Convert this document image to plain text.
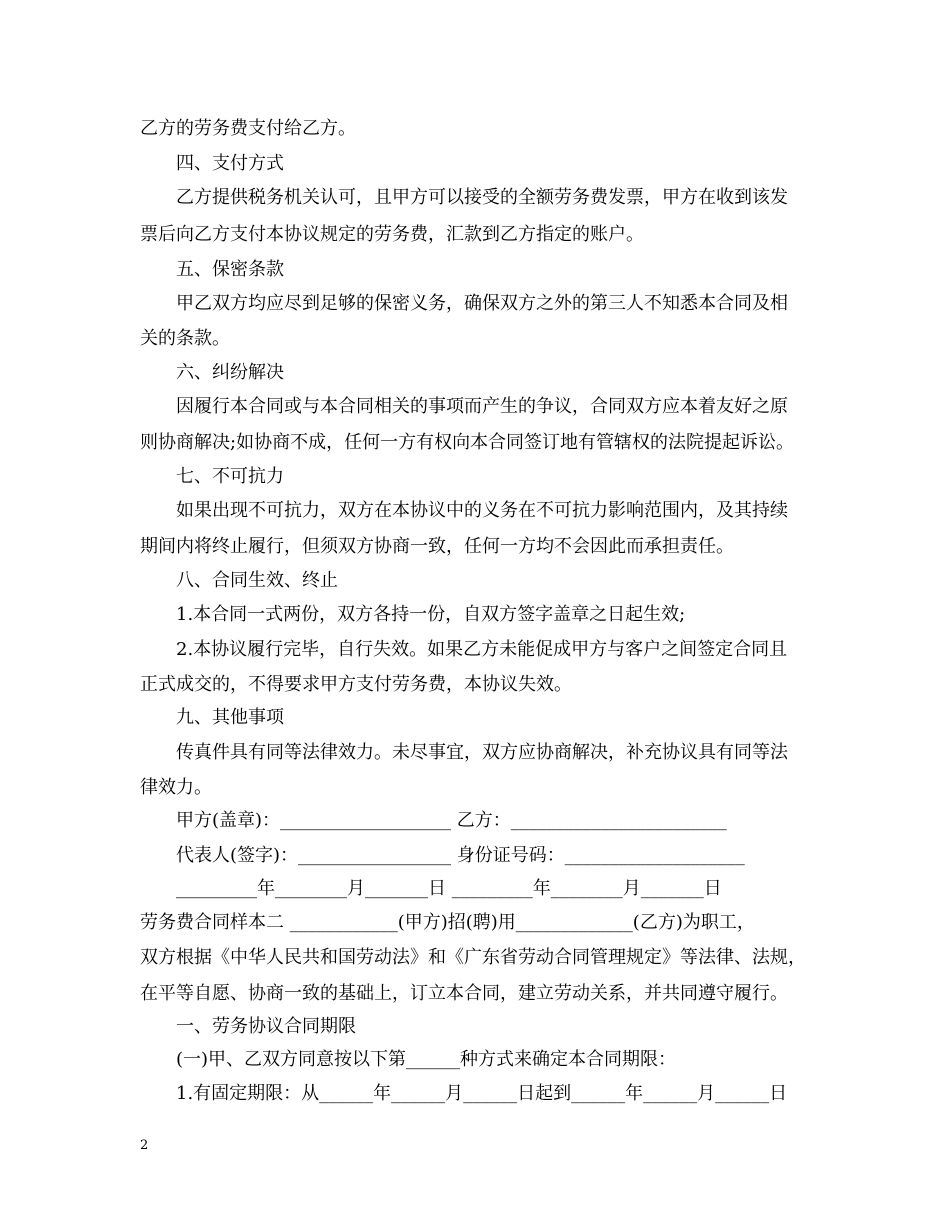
乙方的劳务费支付给乙方。
四、支付方式
乙方提供税务机关认可，且甲方可以接受的全额劳务费发票，甲方在收到该发
票后向乙方支付本协议规定的劳务费，汇款到乙方指定的账户。
五、保密条款
甲乙双方均应尽到足够的保密义务，确保双方之外的第三人不知悉本合同及相
关的条款。
六、纠纷解决
因履行本合同或与本合同相关的事项而产生的争议，合同双方应本着友好之原
则协商解决;如协商不成，任何一方有权向本合同签订地有管辖权的法院提起诉讼。
七、不可抗力
如果出现不可抗力，双方在本协议中的义务在不可抗力影响范围内，及其持续
期间内将终止履行，但须双方协商一致，任何一方均不会因此而承担责任。
八、合同生效、终止
1.本合同一式两份，双方各持一份，自双方签字盖章之日起生效;
2.本协议履行完毕，自行失效。如果乙方未能促成甲方与客户之间签定合同且
正式成交的，不得要求甲方支付劳务费，本协议失效。
九、其他事项
传真件具有同等法律效力。未尽事宜，双方应协商解决，补充协议具有同等法
律效力。
甲方(盖章)：___________________ 乙方：________________________
代表人(签字)：_________________ 身份证号码：____________________
_________年________月_______日 _________年________月_______日
劳务费合同样本二 ____________(甲方)招(聘)用_____________(乙方)为职工，
双方根据《中华人民共和国劳动法》和《广东省劳动合同管理规定》等法律、法规，
在平等自愿、协商一致的基础上，订立本合同，建立劳动关系，并共同遵守履行。
一、劳务协议合同期限
(一)甲、乙双方同意按以下第______种方式来确定本合同期限：
1.有固定期限：从______年______月______日起到______年______月______日
2
